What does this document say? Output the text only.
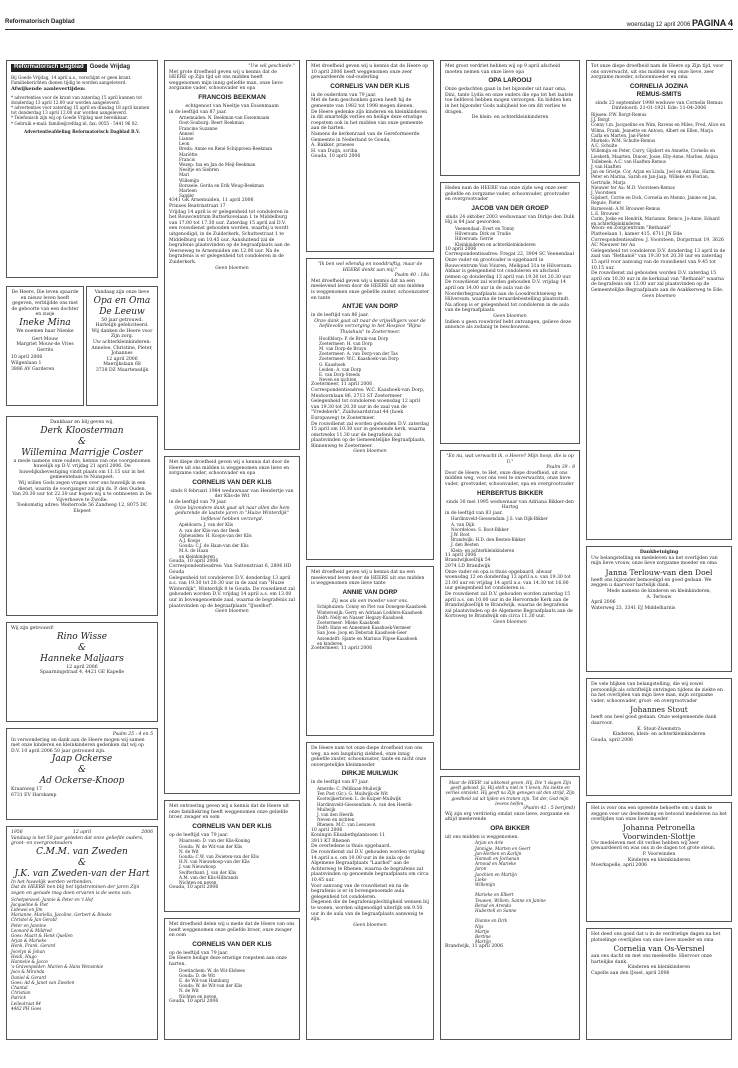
Reformatorisch Dagblad	woensdag 12 april 2006 PAGINA 4
Reformatorisch Dagblad	Goede Vrijdag
Bij Goede Vrijdag, 14 april a.s., verschijnt er geen krant. Familieberichten dienen tijdig te worden aangeleverd.
Afwijkende aanlevertijden:
* advertenties voor de krant van zaterdag 15 april kunnen tot donderdag 13 april 12.00 uur worden aangeleverd.
* advertenties voor zaterdag 15 april en dinsdag 18 april kunnen tot donderdag 13 april 12.00 uur worden aangeleverd.
* Telefonisch zijn wij op Goede Vrijdag niet bereikbaar.
* Gebruik e-mail: familie@refdag.nl, fax: 0055 - 5441 96 02.
Advertentieafdeling Reformatorisch Dagblad B.V.
De Heere, Die leven spaarde en nieuw leven heeft gegeven, verblijdde ons met de geboorte van een dochter en zusje
Ineke Mina
We noemen haar Nienke
Gert Mouw
Margriet Mouw-de Vries
Gerrits
10 april 2006
Wilgenlaan 1
3886 AV Garderen
Vandaag zijn onze lieve
Opa en Oma De Leeuw
50 jaar getrouwd. Hartelijk gefeliciteerd. Wij danken de Heere voor Zijn zorg.
Uw achterkleinkinderen: Anneloe, Christine, Pieter, Johannes
12 april 2006
Maerijkslaan 68
3738 DZ Maartensdijk
Dankbaar en blij geven wij,
Derk Kloosterman
&
Willemina Marrigje Coster
u mede namens onze ouders, kennis van ons voorgenomen huwelijk op D.V. vrijdag 21 april 2006. De huwelijksbevestiging vindt plaats om 11.15 uur in het gemeentehuis te Nunspeet.
Wij willen Gods zegen vragen over ons huwelijk in een dienst, waarin de voorganger zal zijn ds. P. den Ouden.
Van 20.30 uur tot 22.30 uur hopen wij u te ontmoeten in De Vijverhoeve te Zwolle.
Toekomstig adres: Weiterrode 56 Zandweg 12, 8075 DC Elspeet
Wij zijn getrouwd!
Rino Wisse
&
Hanneke Maljaars
12 april 2006
Spaarningstraat 4, 4421 GE Kapelle
Psalm 25 : 4 en 5
In verwondering en dank aan de Heere mogen wij samen met onze kinderen en kleinkinderen gedenken dat wij op D.V. 10 april 2006 50 jaar getrouwd zijn.
Jaap Ockerse
&
Ad Ockerse-Knoop
Kraanweg 17
6731 EV Harskamp
1956	12 april	2006
Vandaag is het 50 jaar geleden dat onze geliefde ouders, groot- en overgrootouders
C.M.M. van Zweden
&
J.K. van Zweden-van der Hart
In het huwelijk werden verbonden.
Dat de HEERE hen blij het tijdstrominen der jaren Zijn zegen en genade mag doen ervaren is de wens van:
Schetpenzeel: Jannie & Peter en 't Hof
Jacqueline & Piet
Lidewei en Jim
Marianne, Mariella, Jacoline, Gerbert & Rinske
Christel & Jan Gerald
Peter en Jannine
Leonard & Mildred
Goes: Maart & Henk Quellen
Arjan & Marieke
Henk, Frank, Gerard
Jocelyn & Johan
Heidi, Hugo
Hannelie & Jacco
's-Gravenpolder: Marien & Hans Wensinkie
Jaco & Miranda
Daniel & Gerard
Goes: Ad & Janet van Zweden
Chantal
Christian
Patrick
Lelieatraat 84
4462 PH Goes
"Uw wil geschiede."
Met grote droefheid geven wij u kennis dat de HEERE op Zijn tijd uit ons midden heeft weggenomen mijn innig geliefde man, onze lieve zorgzame vader, schoonvader en opa
FRANCOIS BEEKMAN
echtgenoot van Neeltje van Essenmaam
in de leeftijd van 87 jaar.
Arnemuiden: N. Beekman-van Essenmaam
Oost-Souburg: Beert Beekman
Francine Suzanne
Anneel
Lianne
Leon
Breda: Annie en René Schippreen-Beekman
Mariëtte
Francis
Wezep: Ina en Jan de Meij-Beekman
Neeltje en Siebren
Mari
Willemijn
Borssele: Gerda en Erik Weug-Beekman
Marleen
Sander
4341 GK Arnemuiden, 11 april 2006
Prinses Beatrixstraat 17
Vrijdag 14 april is er gelegenheid tot condoleren in het Rouwcentrum Butterkovelaan 1 te Middelburg van 17.00 tot 17.30 uur. Zaterdag 15 april zal D.V. een rouwdienst gehouden worden, waarbij u wordt uitgenodigd, in de Zuiderkerk, Schuttestraat 1 te Middelburg om 10.45 uur. Aansluitend zal de begrafenis plaatsvinden op de begraafplaats aan de Veerseweg te Arnemuiden om 12.00 uur. Na de begrafenis is er gelegenheid tot condoleren in de Zuiderkerk.
Geen bloemen
Met diepe droefheid geven wij u kennis dat door de Heere uit ons midden is weggenomen onze lieve en zorgzame vader, schoonvader en opa
CORNELIS VAN DER KLIS
sinds 8 februari 1984 weduwnaar van Hendertje van der Klis-de Wit
in de leeftijd van 79 jaar.
Onze bijzondere dank gaat uit naar allen die hem gedurende de laatste jaren in "Huize Winterdijk" liefdevol hebben verzorgd.
Apeldoorn: J. van der Klis
A. van der Klis-van der Beek
Opheusden: H. Koops-van der Klis
A.J. Koops
Gouda: C.J. de Haan-van der Klis
M.A. de Haan
en kleinkinderen
Gouda, 10 april 2006
Correspondentieadres: Van Suttenstraat 6, 2806 HD Gouda
Gelegenheid tot condoleren D.V. donderdag 13 april a.s. van 19.30 tot 20.30 uur in de zaal van "Huize Winterdijk", Winterdijk 8 te Gouda. De rouwdienst zal gehouden worden D.V. vrijdag 14 april a.s. om 13.00 uur in bovengenoemde zaal, waarna de begrafenis zal plaatsvinden op de begraafplaats "IJsselhof".
Geen bloemen
Met ontroering geven wij u kennis dat de Heere uit onze familiekring heeft weggenomen onze geliefde broer, zwager en oom
CORNELIS VAN DER KLIS
op de leeftijd van 79 jaar.
Maarssen: D. van der Klis-Koning
Gouda: W. de Wit-van der Klis
N. de Wit
Gouda: C.W. van Zwieten-van der Klis
H.N. van Nieuwkoop-van der Klis
J. van Nieuwkoop
Swifterbant: J. van der Klis
A.M. van der Klis-Hilbrands
Nichten en neven
Gouda, 10 april 2006
Met droefheid delen wij u mede dat de Heere van ons heeft weggenomen onze geliefde broer, onze zwager en oom
CORNELIS VAN DER KLIS
op de leeftijd van 79 jaar.
De Heere heilige deze ernstige roepstem aan onze harten.
Doetinchem: W. de Wit-Elshees
Gouda: D. de Wit
E. de Wit-van Hamburg
Gouda: W. de Wit-van der Klis
N. de Wit
Nichten en neven
Gouda, 10 april 2006
Met droefheid geven wij u kennis dat de Heere op 10 april 2006 heeft weggenomen onze zeer gewaardeerde oud-ouderling
CORNELIS VAN DER KLIS
in de ouderdom van 79 jaar.
Met de hem geschonken gaven heeft hij de gemeente van 1982 tot 1998 mogen dienen.
De Heere gedenke zijn kinderen en kleinkinderen in dit smartelijk verlies en heilige deze ernstige roepstem ook in het midden van onze gemeente aan de harten.
Namens de kerkenraad van de Gereformeerde Gemeente in Nederland te Gouda,
A. Bakker, praeses
H. van Duijn, scriba
Gouda, 10 april 2006
"Ik ben wel ellendig en nooddruftig, maar de HEERE denkt aan mij."
Psalm 40 : 18a
Met droefheid geven wij u kennis dat na een meelevend leven door de HEERE uit ons midden is weggenomen onze geliefde zuster, schoonzuster en tante
ANTJE VAN DORP
in de leeftijd van 86 jaar.
Onze dank gaat uit naar de vrijwilligers voor de liefdevolle verzorging in het Hospice "Bijna Thuishuis" te Zoetermeer.
Hoofddorp: P. de Bruin-van Dorp
Zoetermeer: H. van Dorp
M. van Dorp-de Bruyn
Zoetermeer: A. van Dorp-van der Tas
Zoetermeer: W.C. Kaashoek-van Dorp
G. Kaashoek
Leiden: A. van Dorp
E. van Dorp-Steeds
Neven en nichten
Zoetermeer, 11 april 2006
Correspondentieadres: W.C. Kaashoek-van Dorp, Meidoornlaan 86, 2713 ST Zoetermeer
Gelegenheid tot condoleren woensdag 12 april van 19.30 tot 20.30 uur in de zaal van de "Vredekerk", Zuidwaardstraat 44 (hoek Europaweg) te Zoetermeer.
De rouwdienst zal worden gehouden D.V. zaterdag 15 april om 10.30 uur in genoemde kerk, waarna omstreeks 11.30 uur de begrafenis zal plaatsvinden op de Gemeentelijke Begraafplaats, Binnenweg te Zoetermeer.
Geen bloemen
Met droefheid geven wij u kennis dat na een meelevend leven door de HEERE uit ons midden is weggenomen onze lieve tante
ANNIE VAN DORP
Zij was als een moeder voor ons.
Schiphuizen: Conny en Piet van Donegen-Kaashoek
Winterswijk: Gerry en Adriaan Lodders-Kaashoek
Delft: Nelly en Nasser Hegazy-Kaashoek
Zoetermeer: Mieke Kaashoek
Delft: Hans en Annemiek Kaashoek-Vermeer
San Jose: Joop en Deborah Kaashoek-Geer
Assendelft: Sjante en Marinus Flipse-Kaashoek
en kinderen
Zoetermeer, 11 april 2006
De Heere nam tot onze diepe droefheid van ons weg, na een langdurig ziekbed, onze innig geliefde zuster, schoonzuster, tante en nicht onze onvergetelijke kleinmoeder
DIRKJE MUILWIJK
in de leeftijd van 87 jaar.
Amerde: C. Pellikaan-Muilwijk
Ten Post (Gr.): G. Muilwijk-de Wit
Kootwijkerbroek: L. de Kuiper-Muilwijk
Hardinxveld-Giessendam: A. van den Heerik-Muilwijk
J. van den Heerik
Neven en nichten
Rhenen: M.C. van Leeuwen
10 april 2006
Koningin Elisabethplantsoen 11
3911 KT Rhenen
De overledene is thuis opgebaard.
De rouwdienst zal D.V. gehouden worden vrijdag 14 april a.s. om 10.00 uur in de aula op de Algemene Begraafplaats "Laarhof" aan de Achterweg te Rhenen, waarna de begrafenis zal plaatsvinden op genoemde begraafplaats om circa 10.45 uur.
Voor aanvang van de rouwdienst en na de begrafenis is er in bovengenoemde aula gelegenheid tot condoleren.
Degenen die de begrafenisplechtigheid wensen bij te wonen, worden uitgenodigd uiterlijk om 9.50 uur in de aula van de begraafplaats aanwezig te zijn.
Geen bloemen
Met groot verdriet hebben wij op 9 april afscheid moeten nemen van onze lieve opa
OPA LAROOIJ
Onze gedachten gaan in het bijzonder uit naar oma, Dini, tante Lydia en onze ouders die opa tot het laatste toe liefdevol hebben mogen verzorgen. En bidden hen in het bijzonder Gods nabijheid toe om dit verlies te dragen.
De klein- en achterkleinkinderen
Heden nam de HEERE van onze zijde weg onze zeer geliefde en zorgzame vader, schoonvader, grootvader en overgrootvader
JACOB VAN DER GROEP
sinds 24 oktober 2003 weduwnaar van Dirkje den Dulk
Hij is 84 jaar geworden.
Veenendaal: Evert en Tonny
Hilversum: Dirk en Trudie
Hilversum: Gerrie
Kleinkinderen en achterkleinkinderen
10 april 2006
Correspondentieadres: Fregat 22, 3904 SC Veenendaal
Onze vader en grootvader is opgebaard in Rouwcentrum Van Vuuren, Melkpad 31a te Hilversum. Aldaar is gelegenheid tot condoleren en afscheid nemen op donderdag 13 april van 19.30 tot 20.30 uur.
De rouwdienst zal worden gehouden D.V. vrijdag 14 april om 14.00 uur in de aula van de Noorderbegraafplaats aan de Loosdrechtseweg te Hilversum, waarna de teraardebestelling plaatsvindt.
Na afloop is er gelegenheid tot condoleren in de aula van de begraafplaats.
Geen bloemen
Indien u geen rouwbrief hebt ontvangen, gelieve deze annonce als zodanig te beschouwen.
"En nu, wat verwacht ik, o Heere? Mijn hoop, die is op U."
Psalm 39 : 8
Door de Heere, te Het, onze diepe droefheid, uit ons midden weg, voor ons veel te onverwachts, onze lieve vader, grootvader, schoonvader, opa en overgrootvader
HERBERTUS BIKKER
sinds 30 mei 1995 weduwnaar van Adriana Bikker-den Hartog
in de leeftijd van 83 jaar.
Hardinxveld-Giessendam: J.S. van Dijk-Bikker
A. van Dijk
Noordeloos: S. Boot-Bikker
J.W. Boot
Brandwijk: H.D. den Besten-Bikker
J. den Besten
Klein- en achterkleinkinderen
11 april 2006
BrandwijkseDijk 54
2974 LD Brandwijk
Onze vader en opa is thuis opgebaard, alwaar woensdag 12 en donderdag 13 april a.s. van 19.30 tot 21.00 uur en vrijdag 14 april a.s. van 14.30 tot 16.00 uur gelegenheid tot condoleren is.
De rouwdienst zal D.V. gehouden worden zaterdag 15 april a.s. om 10.00 uur in de Hervormde Kerk aan de BrandwijkseDijk te Brandwijk, waarna de begrafenis zal plaatsvinden op de Algemene Begraafplaats aan de Kortsweg te Brandwijk om circa 11.30 uur.
Geen bloemen
Maar de HEER' zal uitkomst geven, Hij, Die 't slagen Zijn geeft gebood. Ja, Hij stelt u niet in 't leven, Na ziekte en verlies ontvlekt. Hij geeft na Zijn genegen uit den strijd, Zijn goedheid zal uit lijden en tranen zijn. Tot der, God mijn levens helfen.
(Psalm 42 : 5 berijmd)
Wij zijn erg verdrietig omdat onze lieve, zorgzame en altijd meelevende
OPA BIKKER
uit ons midden is weggenomen.
Arjan en Arie
Jannigje, Marten en Geert
Jan-Herben en Karlijn
Hannah en Jochanan
Arnoud en Marieke
Jaron
Jaochien en Martijn
Lieke
Willemijn

Marieke en Elbert
Teuwen, Willem, Sanne en Janine
Berad en Arenda
Hubertell en Sanne

Dianne en Dirk
Nijs
Martje
Bertine
Martijn
Brandwijk, 11 april 2006
Tot onze diepe droefheid nam de Heere op Zijn tijd, voor ons onverwacht, uit ons midden weg onze lieve, zeer zorgzame moeder, schoonmoeder en oma
CORNELIA JOZINA
REMUS-SMITS
sinds 23 september 1998 weduwe van Cornelis Remus
Dinteloord: 21-01-1921 Ede: 11-04-2006
Rijssen: P.W. Borgt-Remus
J.J. Borgt
Conny t.m. Jacqueline en Wim, Ravens en Miles, Fred, Alice en Wilma, Frank, Jeanette en Antoon, Albert en Ellen, Marja
Carla en Marten, Jan-Pieter
Markelo: W.M. Schulte-Remus
A.C. Schulte
Willemijn en Peter, Corry, Gijsbert en Annette, Cornelis en Liesbeth, Maarten, Dinoor, Josse, Elly-Anne, Marlies, Anijsa
Tollebeek: A.C. van Haaften-Remus
J. van Haaften
Jan en Grietje, Cor, Arjan en Linda, Joel en Adriana, Harm, Peter en Marina, Sarah en Jan-Jaap, Willeke en Florian, Gertrude, Marja
Nieuwer ter Aa: M.D. Voorsteen-Remus
J. Voorsteen
Gijsbert, Corrie en Dick, Cornelia en Menno, Janine en Jan, Reguie, Pieter
Barneveld: A.W. Brouwer-Remus
L.E. Brouwer
Carin, Joske en Hendrik, Marianne, Remco, Jo-Anne, Eduard
en achterkleinkinderen
Woon- en Zorgcentrum "Bethanië"
Platteelaan 1, kamer 415, 6711 JN Ede
Correspondentieadres: J. Voorsteen, Dorpstraat 19, 3626 AC Nieuwer ter Aa
Gelegenheid tot condoleren D.V. donderdag 13 april in de zaal van "Bethanië" van 19.30 tot 20.30 uur en zaterdag 15 april voor aanvang van de rouwdienst van 9.45 tot 10.15 uur.
De rouwdienst zal gehouden worden D.V. zaterdag 15 april om 10.30 uur in de kerkzaal van "Bethanië" waarna de begrafenis om 12.00 uur zal plaatsvinden op de Gemeentelijke Begraafplaats aan de Asakkerweg te Ede.
Geen bloemen
Dankbetuiging
Uw belangstelling en medeleven na het overlijden van mijn lieve vrouw, onze lieve zorgzame moeder en oma
Janna Terlouw-van den Doel
heeft ons bijzonder bemoedigd en goed gedaan. We zeggen u daarvoor hartelijk dank.
Mede namens de kinderen en kleinkinderen,
A. Terlouw
April 2006
Waterweg 23, 3341 EJ Middelharnis
De vele blijken van belangstelling, die wij zowel persoonlijk als schriftelijk ontvingen tijdens de ziekte en na het overlijden van mijn lieve man, mijn zorgzame vader, schoonvader, groot- en overgrootvader
Johannes Stout
heeft ons heel goed gedaan. Onze welgemeende dank daarvoor.
K. Stout-Zwemstra
Kinderen, klein- en achterkleinkinderen
Gouda, april 2006
Het is voor ons een opreehte behoefte om u dank te zeggen voor uw deelneming en betoond medeleven na het overlijden van onze lieve moeder
Johanna Petronella
Voorwinden-Slottje
Uw medeleven met dit verlies hebben wij zeer gewaardeerd en was ons in de dagen tot grote steun.
P. Voorwinden
Kinderen en kleinkinderen
Moerkapelle, april 2006
Het deed ons goed dat u in de verdrietige dagen na het plotselinge overlijden van onze lieve moeder en oma
Cornelia van Os-Versnel
aan ons dacht en met ons meeleefde. Hiervoor onze hartelijke dank.
Kinderen en kleinkinderen
Capelle aan den IJssel, april 2006
